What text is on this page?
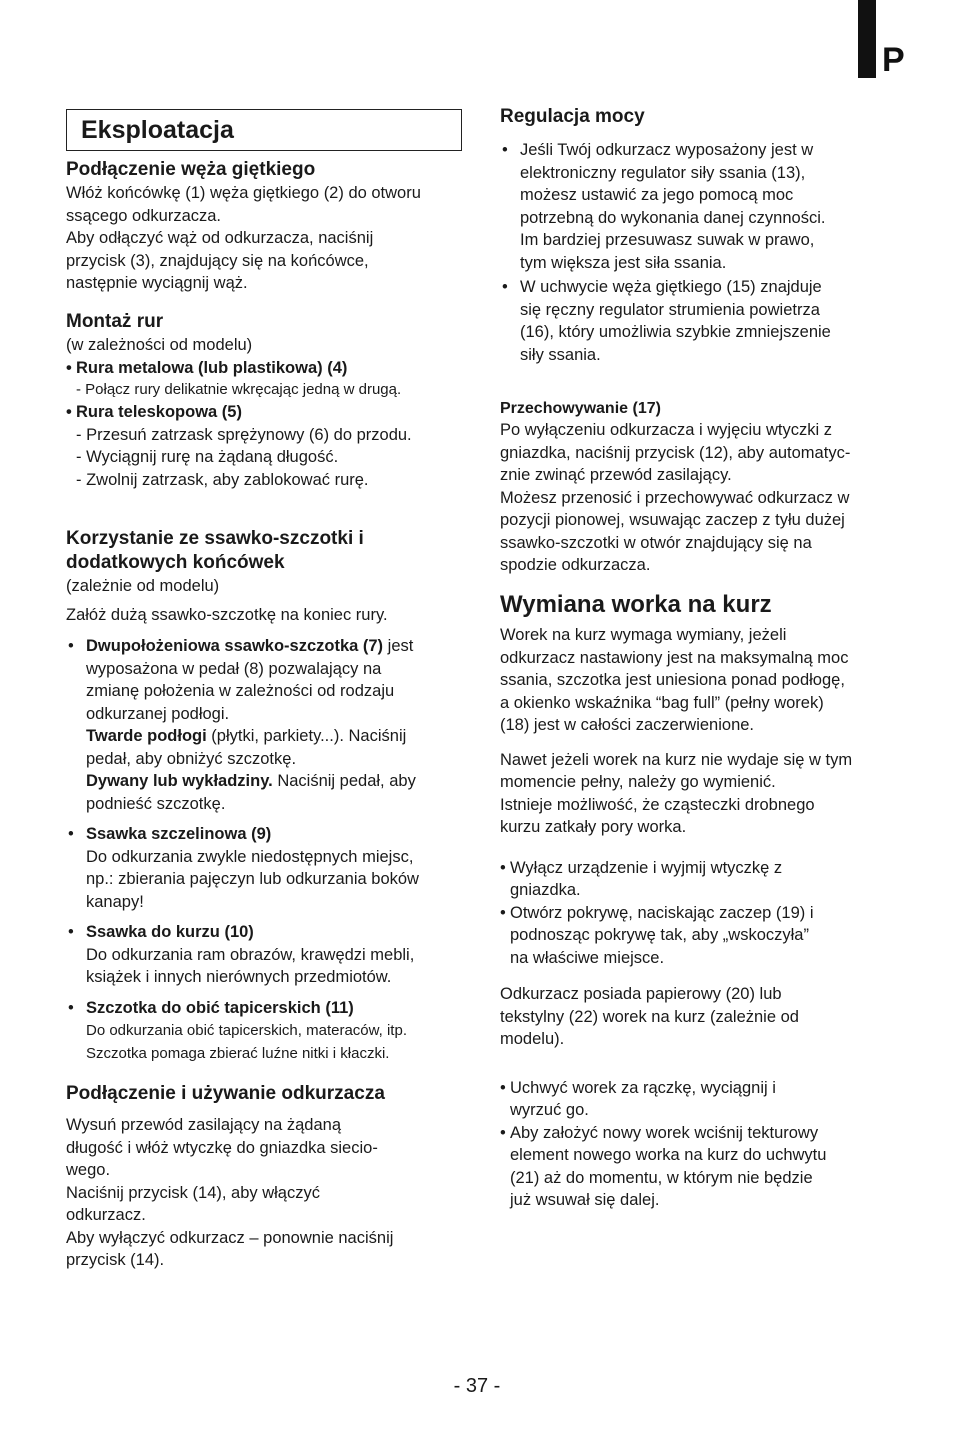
P
Eksploatacja
Podłączenie węża giętkiego

Włóż końcówkę (1) węża giętkiego (2) do otworu

ssącego odkurzacza.

Aby odłączyć wąż od odkurzacza, naciśnij

przycisk (3), znajdujący się na końcówce,

następnie wyciągnij wąż.

Montaż rur

(w zależności od modelu)

• Rura metalowa (lub plastikowa) (4)
- Połącz rury delikatnie wkręcając jedną w drugą.
• Rura teleskopowa (5)
- Przesuń zatrzask sprężynowy (6) do przodu.
- Wyciągnij rurę na żądaną długość.
- Zwolnij zatrzask, aby zablokować rurę.
Korzystanie ze ssawko-szczotki i
dodatkowych końcówek

(zależnie od modelu)

Załóż dużą ssawko-szczotkę na koniec rury.

• Dwupołożeniowa ssawko-szczotka (7) jest
wyposażona w pedał (8) pozwalający na
zmianę położenia w zależności od rodzaju
odkurzanej podłogi.
Twarde podłogi (płytki, parkiety...). Naciśnij
pedał, aby obniżyć szczotkę.
Dywany lub wykładziny. Naciśnij pedał, aby
podnieść szczotkę.
• Ssawka szczelinowa (9)
Do odkurzania zwykle niedostępnych miejsc,
np.: zbierania pajęczyn lub odkurzania boków
kanapy!
• Ssawka do kurzu (10)
Do odkurzania ram obrazów, krawędzi mebli,
książek i innych nierównych przedmiotów.
• Szczotka do obić tapicerskich (11)
Do odkurzania obić tapicerskich, materaców, itp.
Szczotka pomaga zbierać luźne nitki i kłaczki.
Podłączenie i używanie odkurzacza

Wysuń przewód zasilający na żądaną

długość i włóż wtyczkę do gniazdka siecio-

wego.

Naciśnij przycisk (14), aby włączyć

odkurzacz.

Aby wyłączyć odkurzacz – ponownie naciśnij

przycisk (14).

Regulacja mocy
• Jeśli Twój odkurzacz wyposażony jest w
elektroniczny regulator siły ssania (13),
możesz ustawić za jego pomocą moc
potrzebną do wykonania danej czynności.
Im bardziej przesuwasz suwak w prawo,
tym większa jest siła ssania.
• W uchwycie węża giętkiego (15) znajduje
się ręczny regulator strumienia powietrza
(16), który umożliwia szybkie zmniejszenie
siły ssania.
Przechowywanie (17)

Po wyłączeniu odkurzacza i wyjęciu wtyczki z

gniazdka, naciśnij przycisk (12), aby automatyc-

znie zwinąć przewód zasilający.

Możesz przenosić i przechowywać odkurzacz w

pozycji pionowej, wsuwając zaczep z tyłu dużej

ssawko-szczotki w otwór znajdujący się na

spodzie odkurzacza.

Wymiana worka na kurz

Worek na kurz wymaga wymiany, jeżeli

odkurzacz nastawiony jest na maksymalną moc

ssania, szczotka jest uniesiona ponad podłogę,

a okienko wskaźnika “bag full” (pełny worek)

(18) jest w całości zaczerwienione.

Nawet jeżeli worek na kurz nie wydaje się w tym

momencie pełny, należy go wymienić.

Istnieje możliwość, że cząsteczki drobnego

kurzu zatkały pory worka.

• Wyłącz urządzenie i wyjmij wtyczkę z
gniazdka.
• Otwórz pokrywę, naciskając zaczep (19) i
podnosząc pokrywę tak, aby „wskoczyła”
na właściwe miejsce.

Odkurzacz posiada papierowy (20) lub

tekstylny (22) worek na kurz (zależnie od

modelu).

• Uchwyć worek za rączkę, wyciągnij i
wyrzuć go.
• Aby założyć nowy worek wciśnij tekturowy
element nowego worka na kurz do uchwytu
(21) aż do momentu, w którym nie będzie
już wsuwał się dalej.
- 37 -
